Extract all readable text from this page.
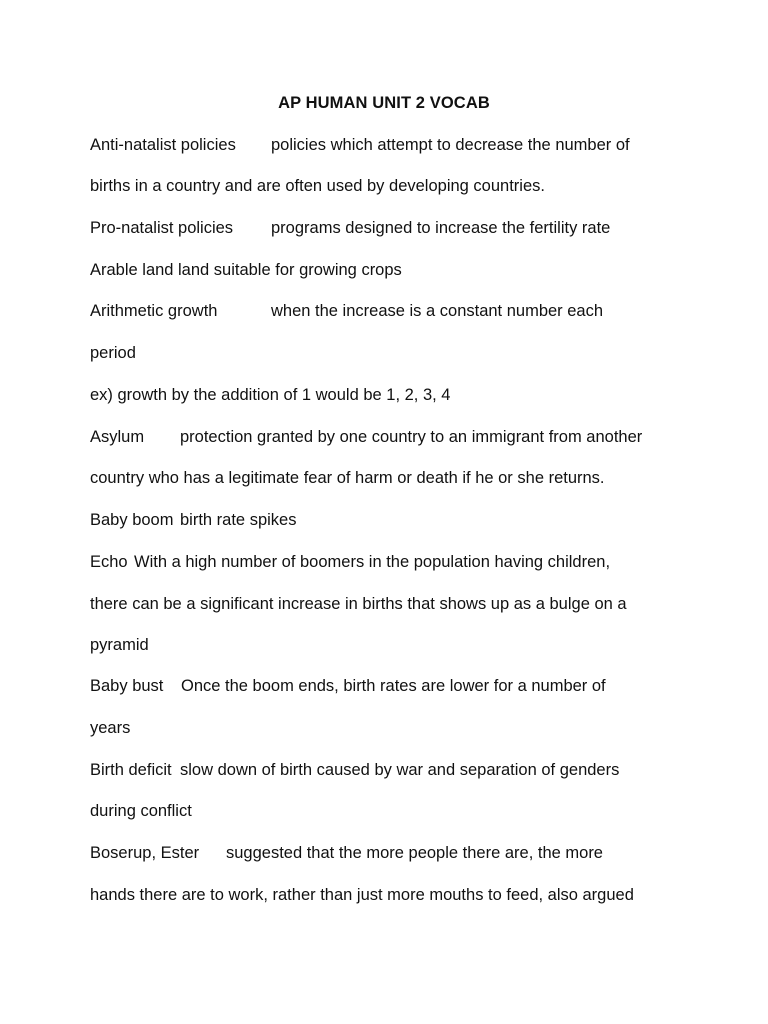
AP HUMAN UNIT 2 VOCAB
Anti-natalist policies policies which attempt to decrease the number of
births in a country and are often used by developing countries.
Pro-natalist policies programs designed to increase the fertility rate
Arable land land suitable for growing crops
Arithmetic growth	when the increase is a constant number each
period
ex) growth by the addition of 1 would be 1, 2, 3, 4
Asylum protection granted by one country to an immigrant from another
country who has a legitimate fear of harm or death if he or she returns.
Baby boom birth rate spikes
Echo With a high number of boomers in the population having children,
there can be a significant increase in births that shows up as a bulge on a
pyramid
Baby bust Once the boom ends, birth rates are lower for a number of
years
Birth deficit slow down of birth caused by war and separation of genders
during conflict
Boserup, Ester suggested that the more people there are, the more
hands there are to work, rather than just more mouths to feed, also argued
